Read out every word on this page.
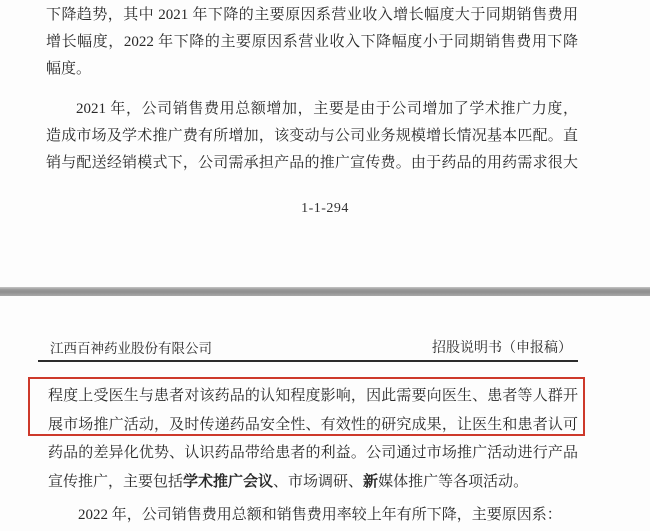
下降趋势，其中 2021 年下降的主要原因系营业收入增长幅度大于同期销售费用
增长幅度，2022 年下降的主要原因系营业收入下降幅度小于同期销售费用下降
幅度。
2021 年，公司销售费用总额增加，主要是由于公司增加了学术推广力度，
造成市场及学术推广费有所增加，该变动与公司业务规模增长情况基本匹配。直
销与配送经销模式下，公司需承担产品的推广宣传费。由于药品的用药需求很大
1-1-294
江西百神药业股份有限公司	招股说明书（申报稿）
程度上受医生与患者对该药品的认知程度影响，因此需要向医生、患者等人群开
展市场推广活动，及时传递药品安全性、有效性的研究成果，让医生和患者认可
药品的差异化优势、认识药品带给患者的利益。公司通过市场推广活动进行产品
宣传推广，主要包括学术推广会议、市场调研、新媒体推广等各项活动。
2022 年，公司销售费用总额和销售费用率较上年有所下降，主要原因系：
